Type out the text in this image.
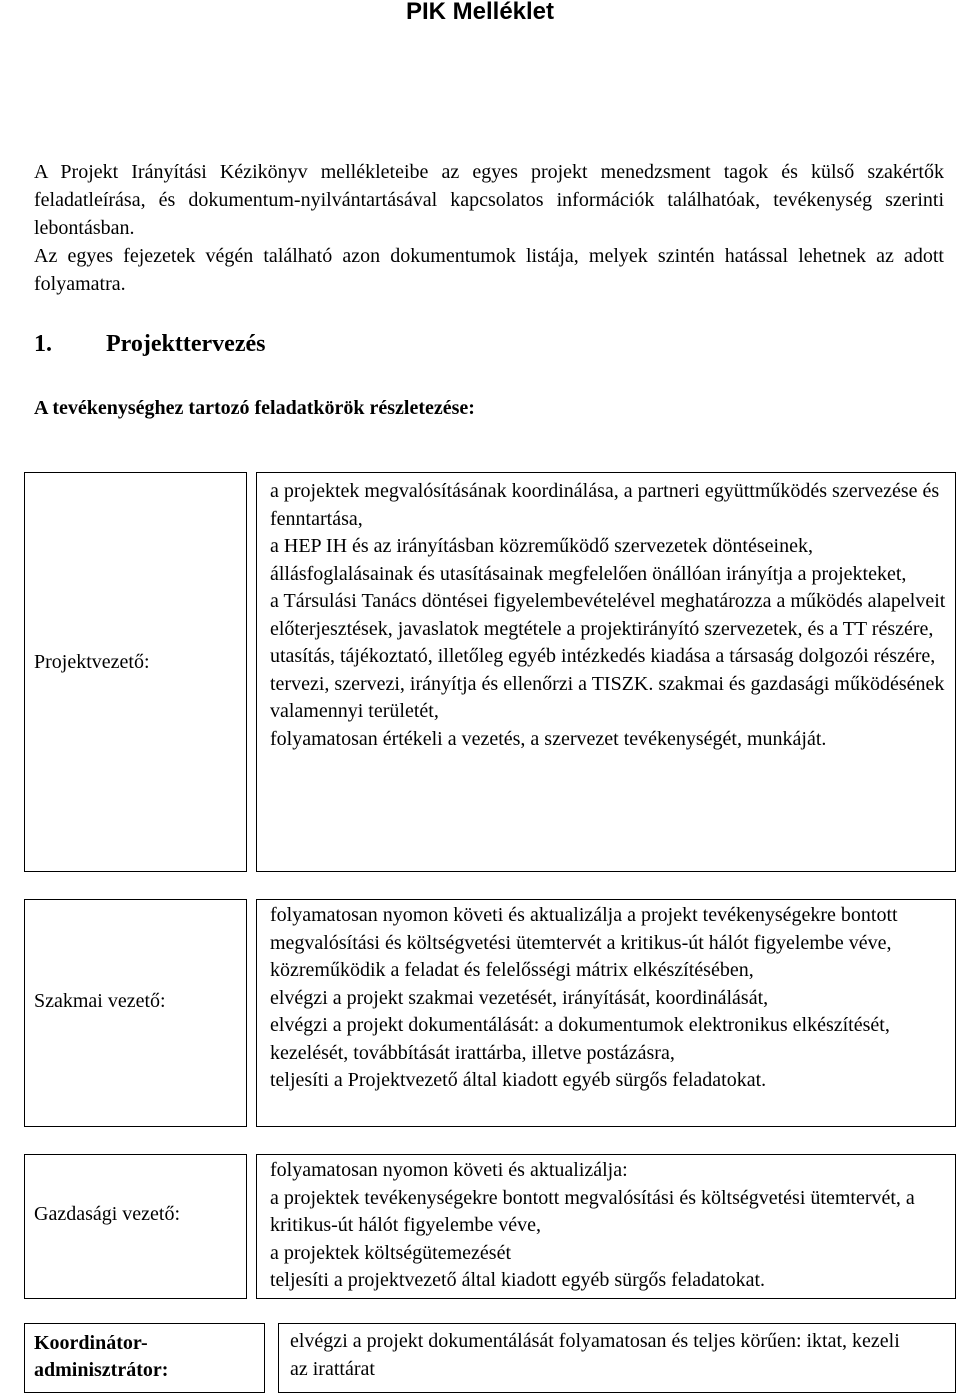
PIK Melléklet

A Projekt Irányítási Kézikönyv mellékleteibe az egyes projekt menedzsment tagok és külső szakértők feladatleírása, és dokumentum-nyilvántartásával kapcsolatos információk találhatóak, tevékenység szerinti lebontásban.

Az egyes fejezetek végén található azon dokumentumok listája, melyek szintén hatással lehetnek az adott folyamatra.

1. Projekttervezés
A tevékenységhez tartozó feladatkörök részletezése:
Projektvezető:

a projektek megvalósításának koordinálása, a partneri együttműködés szervezése és fenntartása,

a HEP IH és az irányításban közreműködő szervezetek döntéseinek, állásfoglalásainak és utasításainak megfelelően önállóan irányítja a projekteket,

a Társulási Tanács döntései figyelembevételével meghatározza a működés alapelveit

előterjesztések, javaslatok megtétele a projektirányító szervezetek, és a TT részére,

utasítás, tájékoztató, illetőleg egyéb intézkedés kiadása a társaság dolgozói részére,

tervezi, szervezi, irányítja és ellenőrzi a TISZK. szakmai és gazdasági működésének valamennyi területét,

folyamatosan értékeli a vezetés, a szervezet tevékenységét, munkáját.

Szakmai vezető:

folyamatosan nyomon követi és aktualizálja a projekt tevékenységekre bontott megvalósítási és költségvetési ütemtervét a kritikus-út hálót figyelembe véve,

közreműködik a feladat és felelősségi mátrix elkészítésében,

elvégzi a projekt szakmai vezetését, irányítását, koordinálását,

elvégzi a projekt dokumentálását: a dokumentumok elektronikus elkészítését, kezelését, továbbítását irattárba, illetve postázásra,

teljesíti a Projektvezető által kiadott egyéb sürgős feladatokat.

Gazdasági vezető:

folyamatosan nyomon követi és aktualizálja:

a projektek tevékenységekre bontott megvalósítási és költségvetési ütemtervét, a kritikus-út hálót figyelembe véve,

a projektek költségütemezését

teljesíti a projektvezető által kiadott egyéb sürgős feladatokat.

Koordinátor-adminisztrátor:

elvégzi a projekt dokumentálását folyamatosan és teljes körűen: iktat, kezeli az irattárat
